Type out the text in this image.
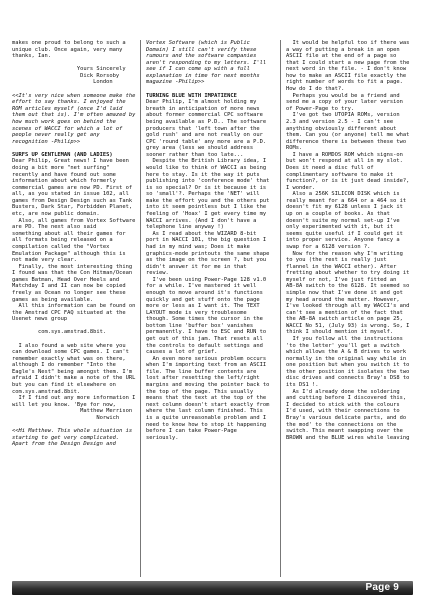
makes one proud to belong to such a

unique club. Once again, very many

thanks, Ian.

Yours Sincerely

Dick Rorsoby

London

<<It's very nice when someone make the

effort to say thanks. I enjoyed the

ROM articles myself (once I'd laid

them out that is). I'm often amazed by

how much work goes on behind the

scenes of WACCI for which a lot of

people never really get any

recognition -Philip>>

SURFS UP GENTLEMAN (AND LADIES)

Dear Philip, Great news! I have been

doing a bit more "net surfing"

recently and have found out some

information about which formerly

commercial games are now PD. First of

all, as you stated in issue 102, all

games from Design Design such as Tank

Busters, Dark Star, Forbidden Planet,

etc, are now public domain.

Also, all games from Vortex Software

are PD. The next also said

something about all their games for

all formats being released on a

compilation called the "Vortex

Emulation Package" although this is

not made very clear.

Finally, the most interesting thing

I found was that the Con Hitman/Ocean

games Batman, Head Over Heels and

Matchday I and II can now be copied

freely as Ocean no longer see these

games as being available.

All this information can be found on

the Amstrad CPC FAQ situated at the

Usenet news group

com.sys.amstrad.8bit.

I also found a web site where you

can download some CPC games. I can't

remember exactly what was on there,

although I do remember "Into the

Eagle's Nest" being amongst them. I'm

afraid I didn't make a note of the URL

but you can find it elsewhere on

com.sys.amstrad.8bit.

If I find out any more information I

will let you know. 'Bye for now,

Matthew Merrison

Norwich

<<Hi Matthew. This whole situation is

starting to get very complicated.

Apart from the Design Design and

Vortex Software (which is Public

Domain) I still can't verify these

rumours and the software companies

aren't responding to my letters. I'll

see if I can come up with a full

explanation in time for next months

magazine -Philip>>

TURNING BLUE WITH IMPATIENCE

Dear Philip, I'm almost holding my

breath in anticipation of more news

about former commercial CPC software

being available as P.D.. The software

producers that 'left town after the

gold rush' and are not really on our

CPC 'round table' any more are a P.D.

grey area (less we should address

sooner rather than too late...

Despite the British Library idea, I

would like to think of WACCI as being

here to stay. Is it the way it puts

publishing into 'conference mode' that

is so special? Or is it because it is

so 'small'?. Perhaps the 'NET' will

make the effort you and the others put

into it seem pointless but I like the

feeling of 'Hoax' I get every time my

WACCI arrives. (And I don't have a

telephone line anyway !)

As I read about the WIZARD 8-bit

port in WACCI 101, the big question I

had in my mind was; Does it make

graphics-mode printouts the same shape

as the image on the screen ?, but you

didn't answer it for me in that

review.

I've been using Power-Page 128 v1.0

for a while. I've mastered it well

enough to move around it's functions

quickly and get stuff onto the page

more or less as I want it. The TEXT

LAYOUT mode is very troublesome

though. Some times the cursor in the

bottom line 'buffer box' vanishes

permanently. I have to ESC and RUN to

get out of this jam. That resets all

the controls to default settings and

causes a lot of grief.

An even more serious problem occurs

when I'm importing text from an ASCII

file. The line buffer contents are

lost after resetting the left/right

margins and moving the pointer back to

the top of the page. This usually

means that the text at the top of the

next column doesn't start exactly from

where the last column finished. This

is a quite unreasonable problem and I

need to know how to stop it happening

before I can take Power-Page

seriously.

It would be helpful too if there was

a way of putting a break in an open

ASCII file at the end of a page so

that I could start a new page from the

next word in the file. - I don't know

how to make an ASCII file exactly the

right number of words to fit a page.

How do I do that?.

Perhaps you would be a friend and

send me a copy of your later version

of Power-Page to try.

I've got two UTOPIA ROMs, version

2.3 and version 2.5 - I can't see

anything obviously different about

them. Can you (or anyone) tell me what

difference there is between these two

ROMs.

I have a ROMDOS ROM which signs-on

but won't respond at all in my slot.

Does it need a disc full of

complimentary software to make it

function?, or is it just dead inside?,

I wonder.

Also a 256K SILICON DISK which is

really meant for a 664 or a 464 so it

doesn't fit my 6128 unless I jack it

up on a couple of books. As that

doesn't suite my normal set-up I've

only experimented with it, but it

seems quite useful if I could get it

into proper service. Anyone fancy a

swap for a 6128 version ?.

Now for the reason why I'm writing

to you (the rest is really just

flannel in the WACCI ether). After

fretting about whether to try doing it

myself or not, I've just fitted an

AB-8A switch to the 6128. It seemed so

simple now that I've done it and got

my head around the matter. However,

I've looked through all my WACCI's and

can't see a mention of the fact that

the AB-8A switch article on page 25,

WACCI No 51, (July 93) is wrong. So, I

think I should mention it myself.

If you follow all the instructions

'to the letter' you'll get a switch

which allows the A & B drives to work

normally in the original way while in

one position but when you switch it to

the other position it isolates the two

disc drives and connects Bray's DS8 to

its DS1 !.

As I'd already done the soldering

and cutting before I discovered this,

I decided to stick with the colours

I'd used, with their connections to

Bray's various delicate parts, and do

the mod' to the connections on the

switch. This meant swapping over the

BROWN and the BLUE wires while leaving

Page 9
